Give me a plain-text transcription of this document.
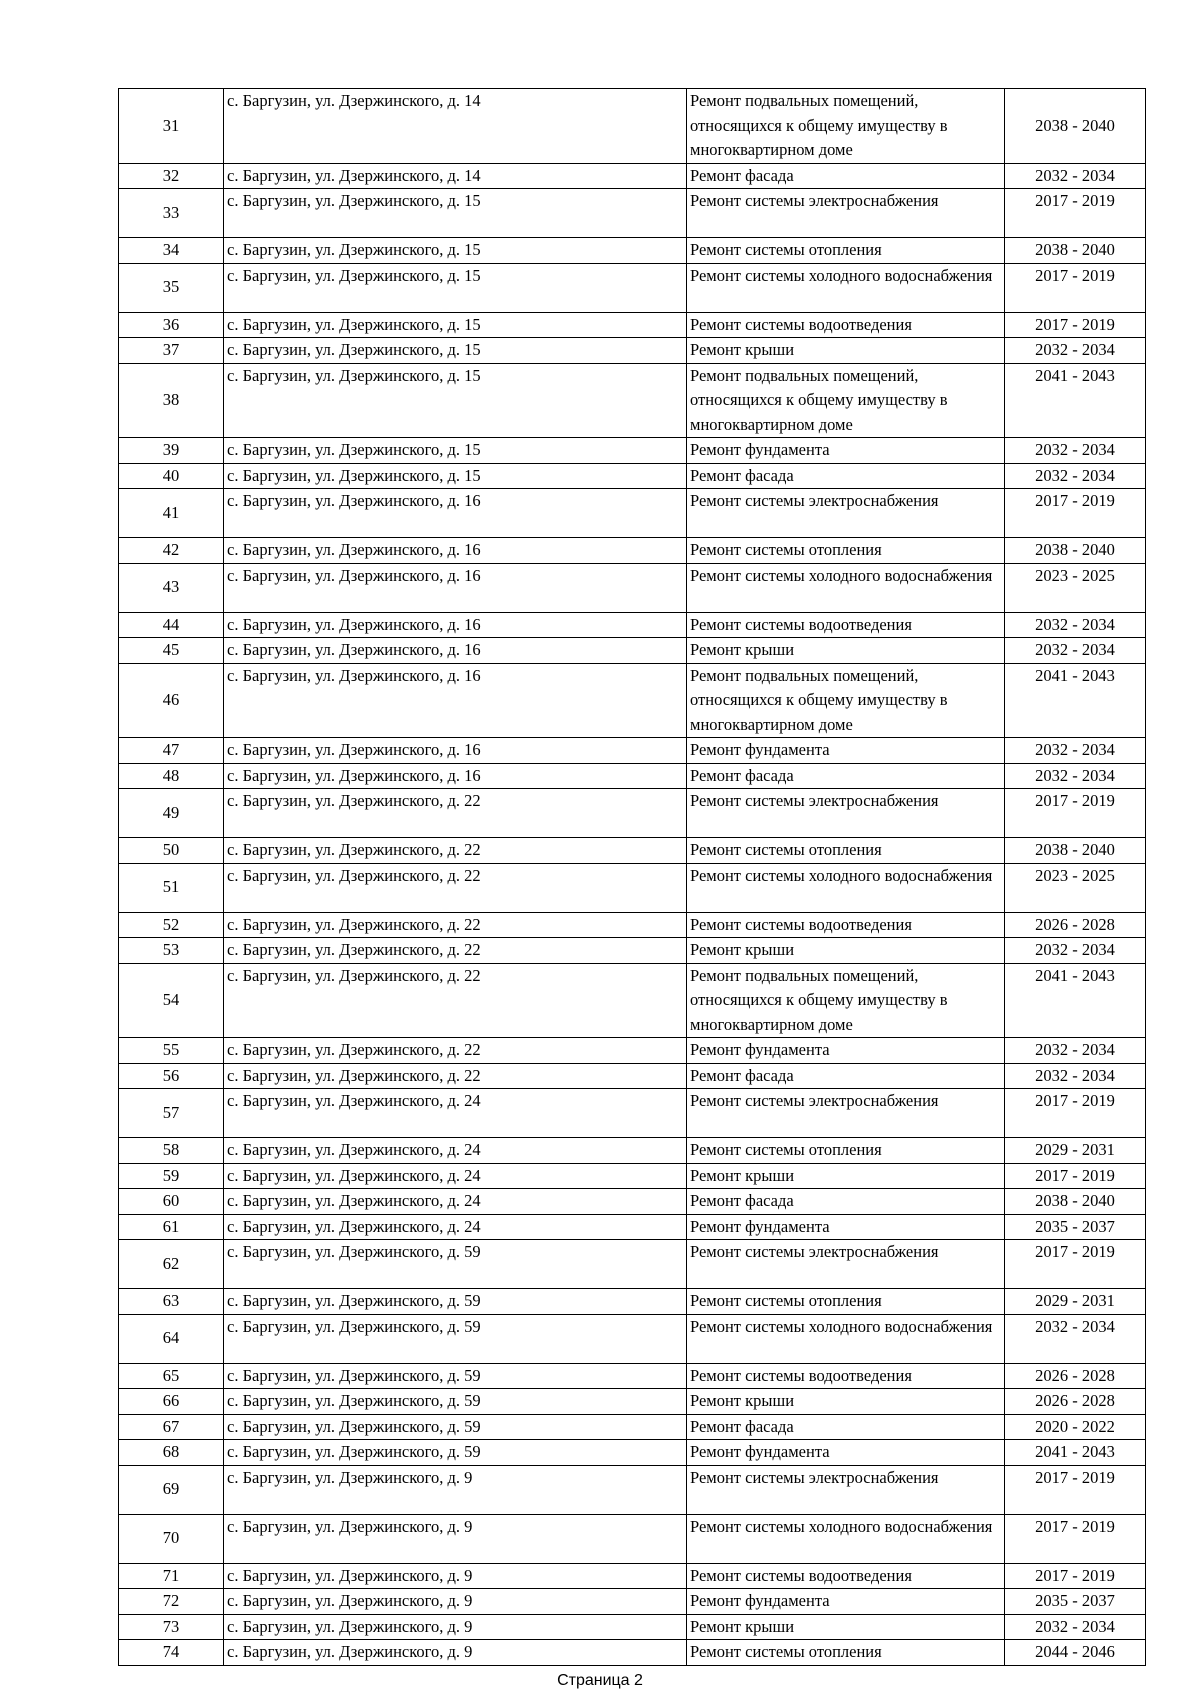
31	с. Баргузин, ул. Дзержинского, д. 14	Ремонт подвальных помещений, относящихся к общему имуществу в многоквартирном доме	2038 - 2040
32	с. Баргузин, ул. Дзержинского, д. 14	Ремонт фасада	2032 - 2034
33	с. Баргузин, ул. Дзержинского, д. 15	Ремонт системы электроснабжения	2017 - 2019
34	с. Баргузин, ул. Дзержинского, д. 15	Ремонт системы отопления	2038 - 2040
35	с. Баргузин, ул. Дзержинского, д. 15	Ремонт системы холодного водоснабжения	2017 - 2019
36	с. Баргузин, ул. Дзержинского, д. 15	Ремонт системы водоотведения	2017 - 2019
37	с. Баргузин, ул. Дзержинского, д. 15	Ремонт крыши	2032 - 2034
38	с. Баргузин, ул. Дзержинского, д. 15	Ремонт подвальных помещений, относящихся к общему имуществу в многоквартирном доме	2041 - 2043
39	с. Баргузин, ул. Дзержинского, д. 15	Ремонт фундамента	2032 - 2034
40	с. Баргузин, ул. Дзержинского, д. 15	Ремонт фасада	2032 - 2034
41	с. Баргузин, ул. Дзержинского, д. 16	Ремонт системы электроснабжения	2017 - 2019
42	с. Баргузин, ул. Дзержинского, д. 16	Ремонт системы отопления	2038 - 2040
43	с. Баргузин, ул. Дзержинского, д. 16	Ремонт системы холодного водоснабжения	2023 - 2025
44	с. Баргузин, ул. Дзержинского, д. 16	Ремонт системы водоотведения	2032 - 2034
45	с. Баргузин, ул. Дзержинского, д. 16	Ремонт крыши	2032 - 2034
46	с. Баргузин, ул. Дзержинского, д. 16	Ремонт подвальных помещений, относящихся к общему имуществу в многоквартирном доме	2041 - 2043
47	с. Баргузин, ул. Дзержинского, д. 16	Ремонт фундамента	2032 - 2034
48	с. Баргузин, ул. Дзержинского, д. 16	Ремонт фасада	2032 - 2034
49	с. Баргузин, ул. Дзержинского, д. 22	Ремонт системы электроснабжения	2017 - 2019
50	с. Баргузин, ул. Дзержинского, д. 22	Ремонт системы отопления	2038 - 2040
51	с. Баргузин, ул. Дзержинского, д. 22	Ремонт системы холодного водоснабжения	2023 - 2025
52	с. Баргузин, ул. Дзержинского, д. 22	Ремонт системы водоотведения	2026 - 2028
53	с. Баргузин, ул. Дзержинского, д. 22	Ремонт крыши	2032 - 2034
54	с. Баргузин, ул. Дзержинского, д. 22	Ремонт подвальных помещений, относящихся к общему имуществу в многоквартирном доме	2041 - 2043
55	с. Баргузин, ул. Дзержинского, д. 22	Ремонт фундамента	2032 - 2034
56	с. Баргузин, ул. Дзержинского, д. 22	Ремонт фасада	2032 - 2034
57	с. Баргузин, ул. Дзержинского, д. 24	Ремонт системы электроснабжения	2017 - 2019
58	с. Баргузин, ул. Дзержинского, д. 24	Ремонт системы отопления	2029 - 2031
59	с. Баргузин, ул. Дзержинского, д. 24	Ремонт крыши	2017 - 2019
60	с. Баргузин, ул. Дзержинского, д. 24	Ремонт фасада	2038 - 2040
61	с. Баргузин, ул. Дзержинского, д. 24	Ремонт фундамента	2035 - 2037
62	с. Баргузин, ул. Дзержинского, д. 59	Ремонт системы электроснабжения	2017 - 2019
63	с. Баргузин, ул. Дзержинского, д. 59	Ремонт системы отопления	2029 - 2031
64	с. Баргузин, ул. Дзержинского, д. 59	Ремонт системы холодного водоснабжения	2032 - 2034
65	с. Баргузин, ул. Дзержинского, д. 59	Ремонт системы водоотведения	2026 - 2028
66	с. Баргузин, ул. Дзержинского, д. 59	Ремонт крыши	2026 - 2028
67	с. Баргузин, ул. Дзержинского, д. 59	Ремонт фасада	2020 - 2022
68	с. Баргузин, ул. Дзержинского, д. 59	Ремонт фундамента	2041 - 2043
69	с. Баргузин, ул. Дзержинского, д. 9	Ремонт системы электроснабжения	2017 - 2019
70	с. Баргузин, ул. Дзержинского, д. 9	Ремонт системы холодного водоснабжения	2017 - 2019
71	с. Баргузин, ул. Дзержинского, д. 9	Ремонт системы водоотведения	2017 - 2019
72	с. Баргузин, ул. Дзержинского, д. 9	Ремонт фундамента	2035 - 2037
73	с. Баргузин, ул. Дзержинского, д. 9	Ремонт крыши	2032 - 2034
74	с. Баргузин, ул. Дзержинского, д. 9	Ремонт системы отопления	2044 - 2046
Страница 2
